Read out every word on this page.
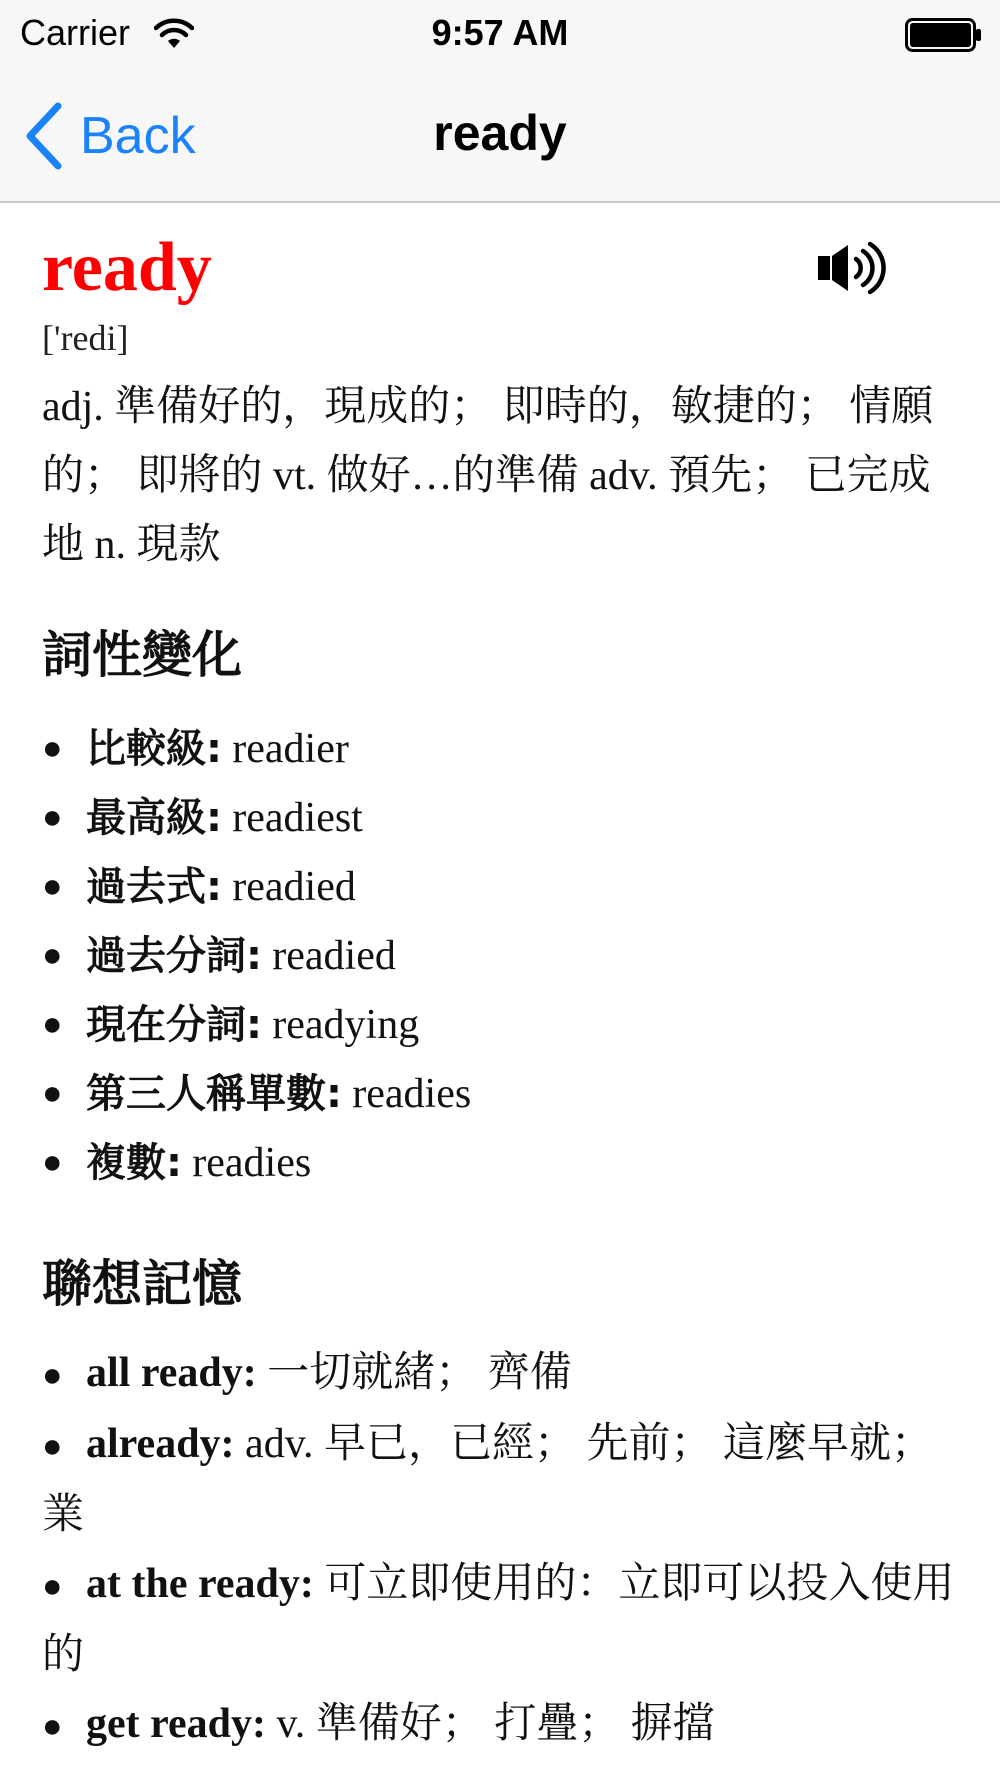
Carrier	9:57 AM
Back	ready
ready
['redi]
adj. 準備好的，現成的； 即時的，敏捷的； 情願的； 即將的 vt. 做好…的準備 adv. 預先； 已完成地 n. 現款
詞性變化
● 比較級: readier
● 最高級: readiest
● 過去式: readied
● 過去分詞: readied
● 現在分詞: readying
● 第三人稱單數: readies
● 複數: readies
聯想記憶
● all ready: 一切就緒； 齊備
● already: adv. 早已，已經； 先前； 這麼早就； 業
● at the ready: 可立即使用的：立即可以投入使用的
● get ready: v. 準備好； 打疊； 摒擋
